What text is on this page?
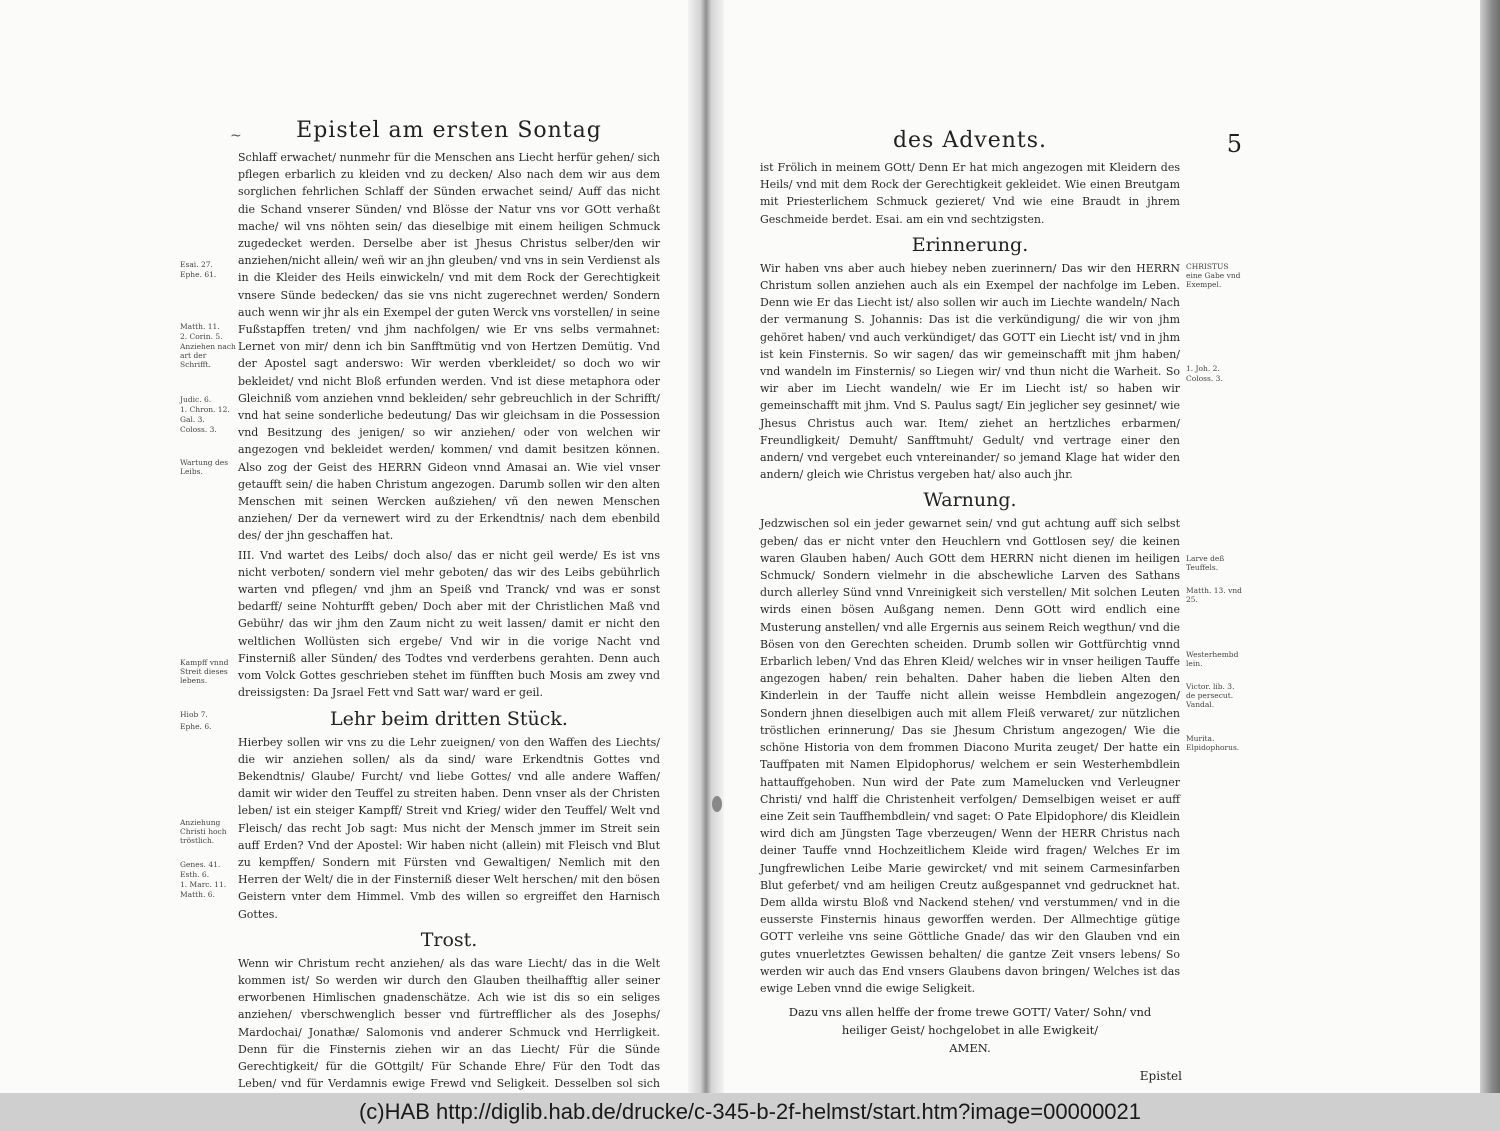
~	Epistel am ersten Sontag

Schlaff erwachet/ nunmehr für die Menschen ans Liecht herfür gehen/ sich pflegen erbarlich zu kleiden vnd zu decken/ Also nach dem wir aus dem sorglichen fehrlichen Schlaff der Sünden erwachet seind/ Auff das nicht die Schand vnserer Sünden/ vnd Blösse der Natur vns vor GOtt verhaßt mache/ wil vns nöhten sein/ das dieselbige mit einem heiligen Schmuck zugedecket werden. Derselbe aber ist Jhesus Christus selber/den wir anziehen/nicht allein/ weñ wir an jhn gleuben/ vnd vns in sein Verdienst als in die Kleider des Heils einwickeln/ vnd mit dem Rock der Gerechtigkeit vnsere Sünde bedecken/ das sie vns nicht zugerechnet werden/ Sondern auch wenn wir jhr als ein Exempel der guten Werck vns vorstellen/ in seine Fußstapffen treten/ vnd jhm nachfolgen/ wie Er vns selbs vermahnet: Lernet von mir/ denn ich bin Sanfftmütig vnd von Hertzen Demütig. Vnd der Apostel sagt anderswo: Wir werden vberkleidet/ so doch wo wir bekleidet/ vnd nicht Bloß erfunden werden. Vnd ist diese metaphora oder Gleichniß vom anziehen vnnd bekleiden/ sehr gebreuchlich in der Schrifft/ vnd hat seine sonderliche bedeutung/ Das wir gleichsam in die Possession vnd Besitzung des jenigen/ so wir anziehen/ oder von welchen wir angezogen vnd bekleidet werden/ kommen/ vnd damit besitzen können. Also zog der Geist des HERRN Gideon vnnd Amasai an. Wie viel vnser getaufft sein/ die haben Christum angezogen. Darumb sollen wir den alten Menschen mit seinen Wercken außziehen/ vñ den newen Menschen anziehen/ Der da vernewert wird zu der Erkendtnis/ nach dem ebenbild des/ der jhn geschaffen hat.

III. Vnd wartet des Leibs/ doch also/ das er nicht geil werde/ Es ist vns nicht verboten/ sondern viel mehr geboten/ das wir des Leibs gebührlich warten vnd pflegen/ vnd jhm an Speiß vnd Tranck/ vnd was er sonst bedarff/ seine Nohturfft geben/ Doch aber mit der Christlichen Maß vnd Gebühr/ das wir jhm den Zaum nicht zu weit lassen/ damit er nicht den weltlichen Wollüsten sich ergebe/ Vnd wir in die vorige Nacht vnd Finsterniß aller Sünden/ des Todtes vnd verderbens gerahten. Denn auch vom Volck Gottes geschrieben stehet im fünfften buch Mosis am zwey vnd dreissigsten: Da Jsrael Fett vnd Satt war/ ward er geil.

Lehr beim dritten Stück.

Hierbey sollen wir vns zu die Lehr zueignen/ von den Waffen des Liechts/ die wir anziehen sollen/ als da sind/ ware Erkendtnis Gottes vnd Bekendtnis/ Glaube/ Furcht/ vnd liebe Gottes/ vnd alle andere Waffen/ damit wir wider den Teuffel zu streiten haben. Denn vnser als der Christen leben/ ist ein steiger Kampff/ Streit vnd Krieg/ wider den Teuffel/ Welt vnd Fleisch/ das recht Job sagt: Mus nicht der Mensch jmmer im Streit sein auff Erden? Vnd der Apostel: Wir haben nicht (allein) mit Fleisch vnd Blut zu kempffen/ Sondern mit Fürsten vnd Gewaltigen/ Nemlich mit den Herren der Welt/ die in der Finsterniß dieser Welt herschen/ mit den bösen Geistern vnter dem Himmel. Vmb des willen so ergreiffet den Harnisch Gottes.

Trost.

Wenn wir Christum recht anziehen/ als das ware Liecht/ das in die Welt kommen ist/ So werden wir durch den Glauben theilhafftig aller seiner erworbenen Himlischen gnadenschätze. Ach wie ist dis so ein seliges anziehen/ vberschwenglich besser vnd fürtrefflicher als des Josephs/ Mardochai/ Jonathæ/ Salomonis vnd anderer Schmuck vnd Herrligkeit. Denn für die Finsternis ziehen wir an das Liecht/ Für die Sünde Gerechtigkeit/ für die GOttgilt/ Für Schande Ehre/ Für den Todt das Leben/ vnd für Verdamnis ewige Frewd vnd Seligkeit. Desselben sol sich

Esai. 27.
Ephe. 61.
Matth. 11.
2. Corin. 5.
Anziehen nach art der Schrifft.
Judic. 6.
1. Chron. 12.
Gal. 3.
Coloss. 3.
Wartung des Leibs.
Kampff vnnd Streit dieses lebens.
Hiob 7.
Ephe. 6.
Anziehung Christi hoch tröstlich.
Genes. 41.
Esth. 6.
1. Marc. 11.
Matth. 6.
des Advents.	5

ist Frölich in meinem GOtt/ Denn Er hat mich angezogen mit Kleidern des Heils/ vnd mit dem Rock der Gerechtigkeit gekleidet. Wie einen Breutgam mit Priesterlichem Schmuck gezieret/ Vnd wie eine Braudt in jhrem Geschmeide berdet. Esai. am ein vnd sechtzigsten.

Erinnerung.

Wir haben vns aber auch hiebey neben zuerinnern/ Das wir den HERRN Christum sollen anziehen auch als ein Exempel der nachfolge im Leben. Denn wie Er das Liecht ist/ also sollen wir auch im Liechte wandeln/ Nach der vermanung S. Johannis: Das ist die verkündigung/ die wir von jhm gehöret haben/ vnd auch verkündiget/ das GOTT ein Liecht ist/ vnd in jhm ist kein Finsternis. So wir sagen/ das wir gemeinschafft mit jhm haben/ vnd wandeln im Finsternis/ so Liegen wir/ vnd thun nicht die Warheit. So wir aber im Liecht wandeln/ wie Er im Liecht ist/ so haben wir gemeinschafft mit jhm. Vnd S. Paulus sagt/ Ein jeglicher sey gesinnet/ wie Jhesus Christus auch war. Item/ ziehet an hertzliches erbarmen/ Freundligkeit/ Demuht/ Sanfftmuht/ Gedult/ vnd vertrage einer den andern/ vnd vergebet euch vntereinander/ so jemand Klage hat wider den andern/ gleich wie Christus vergeben hat/ also auch jhr.

Warnung.

Jedzwischen sol ein jeder gewarnet sein/ vnd gut achtung auff sich selbst geben/ das er nicht vnter den Heuchlern vnd Gottlosen sey/ die keinen waren Glauben haben/ Auch GOtt dem HERRN nicht dienen im heiligen Schmuck/ Sondern vielmehr in die abschewliche Larven des Sathans durch allerley Sünd vnnd Vnreinigkeit sich verstellen/ Mit solchen Leuten wirds einen bösen Außgang nemen. Denn GOtt wird endlich eine Musterung anstellen/ vnd alle Ergernis aus seinem Reich wegthun/ vnd die Bösen von den Gerechten scheiden. Drumb sollen wir Gottfürchtig vnnd Erbarlich leben/ Vnd das Ehren Kleid/ welches wir in vnser heiligen Tauffe angezogen haben/ rein behalten. Daher haben die lieben Alten den Kinderlein in der Tauffe nicht allein weisse Hembdlein angezogen/ Sondern jhnen dieselbigen auch mit allem Fleiß verwaret/ zur nützlichen tröstlichen erinnerung/ Das sie Jhesum Christum angezogen/ Wie die schöne Historia von dem frommen Diacono Murita zeuget/ Der hatte ein Tauffpaten mit Namen Elpidophorus/ welchem er sein Westerhembdlein hattauffgehoben. Nun wird der Pate zum Mamelucken vnd Verleugner Christi/ vnd halff die Christenheit verfolgen/ Demselbigen weiset er auff eine Zeit sein Tauffhembdlein/ vnd saget: O Pate Elpidophore/ dis Kleidlein wird dich am Jüngsten Tage vberzeugen/ Wenn der HERR Christus nach deiner Tauffe vnnd Hochzeitlichem Kleide wird fragen/ Welches Er im Jungfrewlichen Leibe Marie gewircket/ vnd mit seinem Carmesinfarben Blut geferbet/ vnd am heiligen Creutz außgespannet vnd gedrucknet hat. Dem allda wirstu Bloß vnd Nackend stehen/ vnd verstummen/ vnd in die eusserste Finsternis hinaus geworffen werden. Der Allmechtige gütige GOTT verleihe vns seine Göttliche Gnade/ das wir den Glauben vnd ein gutes vnuerletztes Gewissen behalten/ die gantze Zeit vnsers lebens/ So werden wir auch das End vnsers Glaubens davon bringen/ Welches ist das ewige Leben vnnd die ewige Seligkeit.

Dazu vns allen helffe der frome trewe GOTT/ Vater/ Sohn/ vnd
heiliger Geist/ hochgelobet in alle Ewigkeit/
AMEN.
Epistel
CHRISTUS eine Gabe vnd Exempel.
1. Joh. 2.
Coloss. 3.
Larve deß Teuffels.
Matth. 13. vnd 25.
Westerhembd lein.
Victor. lib. 3. de persecut. Vandal.
Murita. Elpidophorus.
(c)HAB http://diglib.hab.de/drucke/c-345-b-2f-helmst/start.htm?image=00000021
